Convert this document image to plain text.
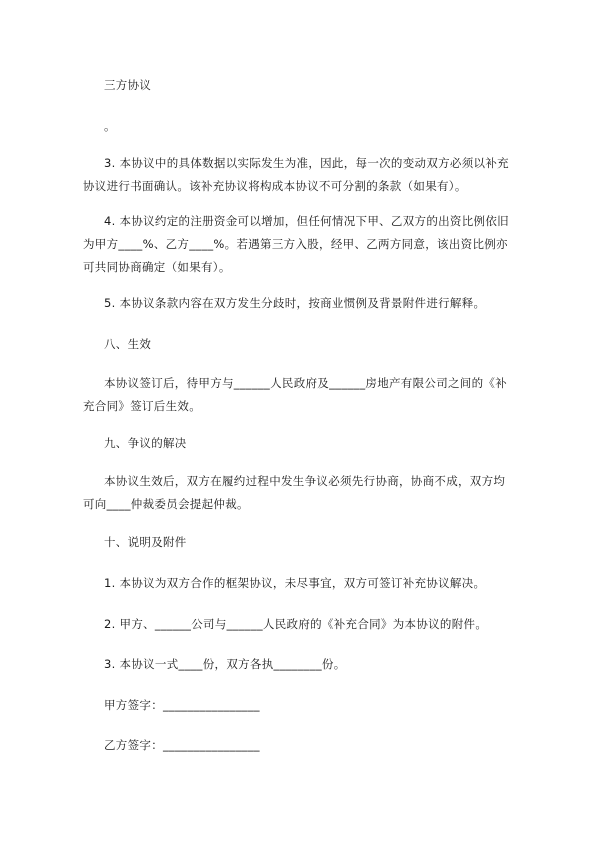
三方协议
。
3. 本协议中的具体数据以实际发生为准，因此，每一次的变动双方必须以补充协议进行书面确认。该补充协议将构成本协议不可分割的条款（如果有）。
4. 本协议约定的注册资金可以增加，但任何情况下甲、乙双方的出资比例依旧为甲方____%、乙方____%。若遇第三方入股，经甲、乙两方同意，该出资比例亦可共同协商确定（如果有）。
5. 本协议条款内容在双方发生分歧时，按商业惯例及背景附件进行解释。
八、生效
本协议签订后，待甲方与______人民政府及______房地产有限公司之间的《补充合同》签订后生效。
九、争议的解决
本协议生效后，双方在履约过程中发生争议必须先行协商，协商不成，双方均可向____仲裁委员会提起仲裁。
十、说明及附件
1. 本协议为双方合作的框架协议，未尽事宜，双方可签订补充协议解决。
2. 甲方、______公司与______人民政府的《补充合同》为本协议的附件。
3. 本协议一式____份，双方各执________份。
甲方签字：________________
乙方签字：________________
